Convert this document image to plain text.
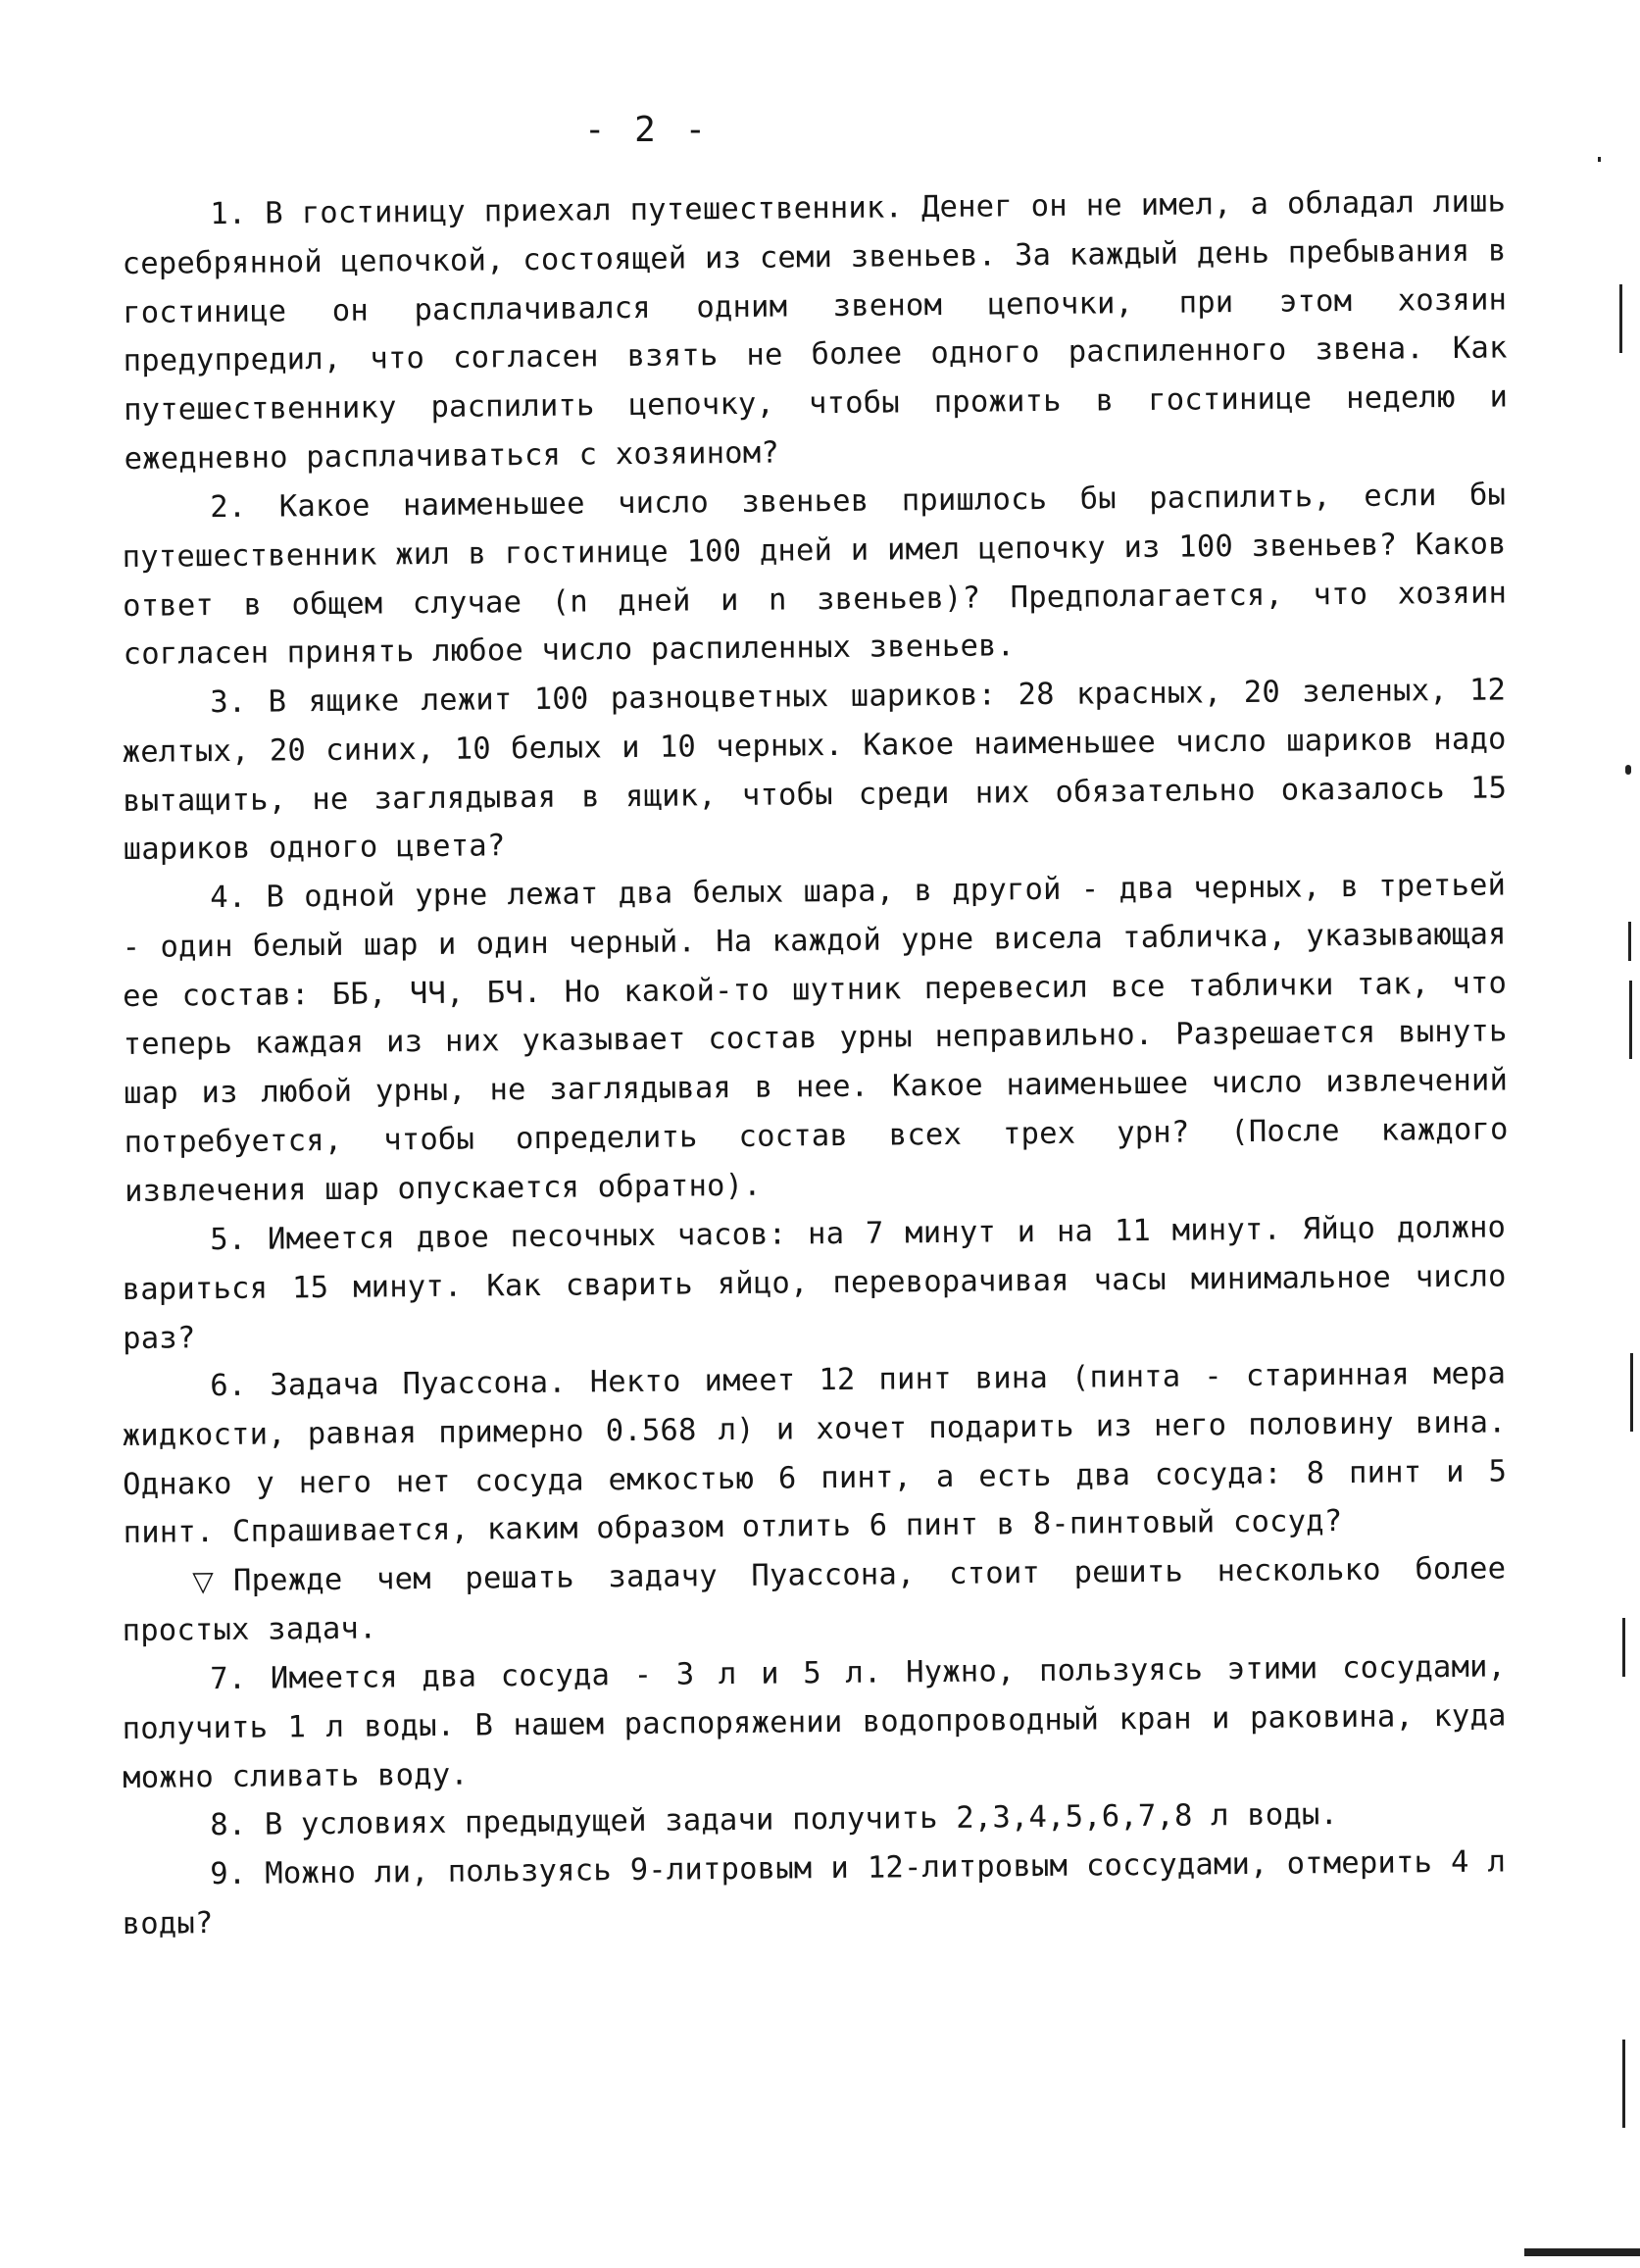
- 2 -

1. В гостиницу приехал путешественник. Денег он не имел, а обладал лишь серебрянной цепочкой, состоящей из семи звеньев. За каждый день пребывания в гостинице он расплачивался одним звеном цепочки, при этом хозяин предупредил, что согласен взять не более одного распиленного звена. Как путешественнику распилить цепочку, чтобы прожить в гостинице неделю и ежедневно расплачиваться с хозяином?

2. Какое наименьшее число звеньев пришлось бы распилить, если бы путешественник жил в гостинице 100 дней и имел цепочку из 100 звеньев? Каков ответ в общем случае (n дней и n звеньев)? Предполагается, что хозяин согласен принять любое число распиленных звеньев.

3. В ящике лежит 100 разноцветных шариков: 28 красных, 20 зеленых, 12 желтых, 20 синих, 10 белых и 10 черных. Какое наименьшее число шариков надо вытащить, не заглядывая в ящик, чтобы среди них обязательно оказалось 15 шариков одного цвета?

4. В одной урне лежат два белых шара, в другой - два черных, в третьей - один белый шар и один черный. На каждой урне висела табличка, указывающая ее состав: ББ, ЧЧ, БЧ. Но какой-то шутник перевесил все таблички так, что теперь каждая из них указывает состав урны неправильно. Разрешается вынуть шар из любой урны, не заглядывая в нее. Какое наименьшее число извлечений потребуется, чтобы определить состав всех трех урн? (После каждого извлечения шар опускается обратно).

5. Имеется двое песочных часов: на 7 минут и на 11 минут. Яйцо должно вариться 15 минут. Как сварить яйцо, переворачивая часы минимальное число раз?

6. Задача Пуассона. Некто имеет 12 пинт вина (пинта - старинная мера жидкости, равная примерно 0.568 л) и хочет подарить из него половину вина. Однако у него нет сосуда емкостью 6 пинт, а есть два сосуда: 8 пинт и 5 пинт. Спрашивается, каким образом отлить 6 пинт в 8-пинтовый сосуд?

▽ Прежде чем решать задачу Пуассона, стоит решить несколько более простых задач.

7. Имеется два сосуда - 3 л и 5 л. Нужно, пользуясь этими сосудами, получить 1 л воды. В нашем распоряжении водопроводный кран и раковина, куда можно сливать воду.

8. В условиях предыдущей задачи получить 2,3,4,5,6,7,8 л воды.

9. Можно ли, пользуясь 9-литровым и 12-литровым соссудами, отмерить 4 л воды?
